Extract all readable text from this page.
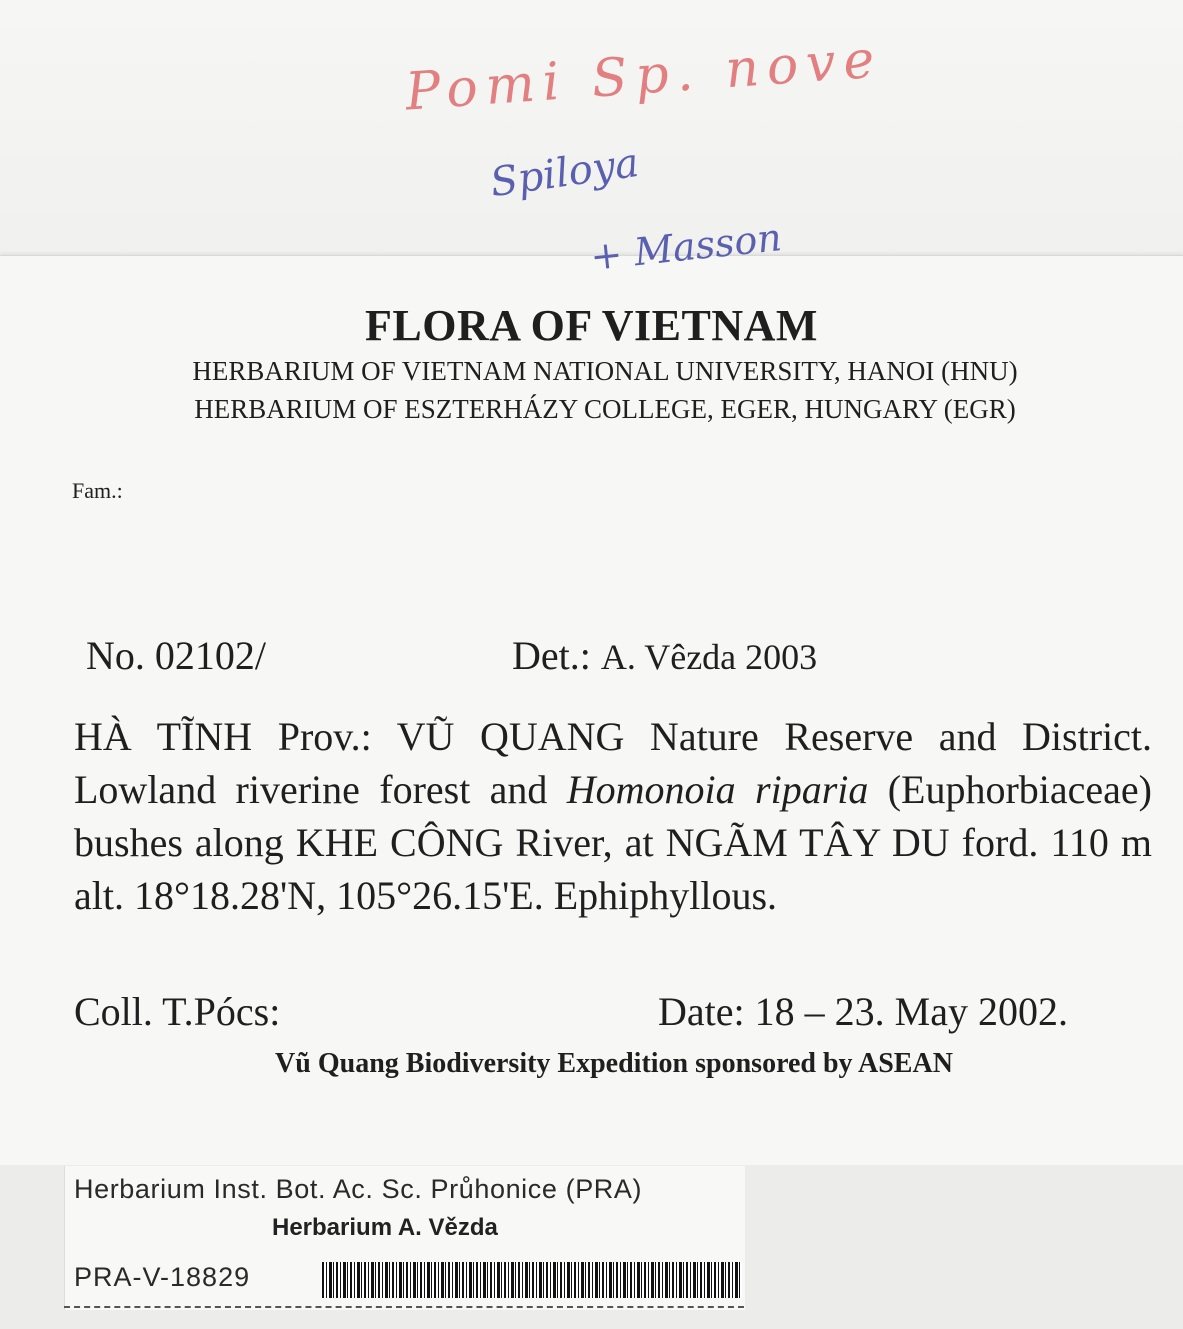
Pomi Sp. nove
Spiloya
+ Masson
FLORA OF VIETNAM
HERBARIUM OF VIETNAM NATIONAL UNIVERSITY, HANOI (HNU)
HERBARIUM OF ESZTERHÁZY COLLEGE, EGER, HUNGARY (EGR)
Fam.:
No. 02102/	Det.: A. Vêzda 2003
HÀ TĨNH Prov.: VŨ QUANG Nature Reserve and District. Lowland riverine forest and Homonoia riparia (Euphorbiaceae) bushes along KHE CÔNG River, at NGÃM TÂY DU ford. 110 m alt. 18°18.28'N, 105°26.15'E. Ephiphyllous.
Coll. T.Pócs:	Date: 18 – 23. May 2002.
Vũ Quang Biodiversity Expedition sponsored by ASEAN
Herbarium Inst. Bot. Ac. Sc. Průhonice (PRA)
Herbarium A. Vězda
PRA-V-18829
